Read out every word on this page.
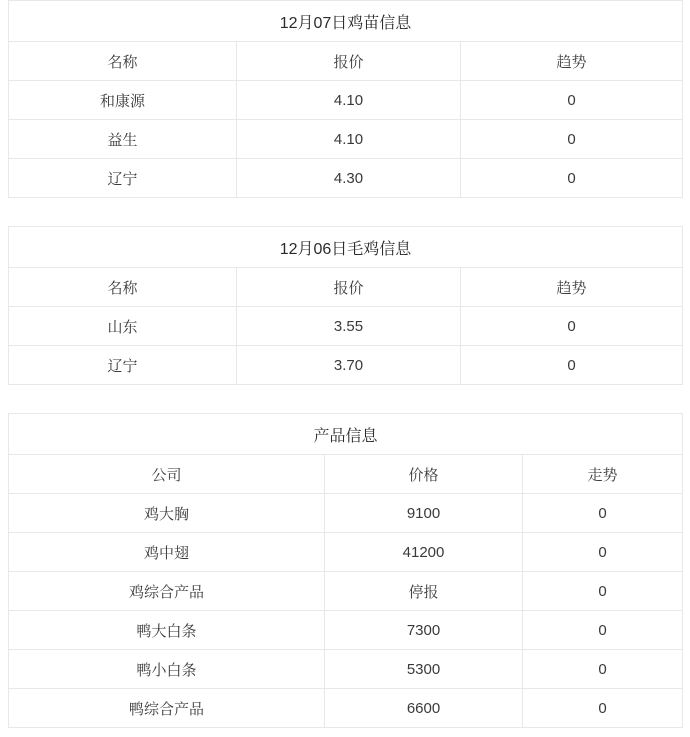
12月07日鸡苗信息		
名称	报价	趋势
和康源	4.10	0
益生	4.10	0
辽宁	4.30	0
12月06日毛鸡信息		
名称	报价	趋势
山东	3.55	0
辽宁	3.70	0
产品信息		
公司	价格	走势
鸡大胸	9100	0
鸡中翅	41200	0
鸡综合产品	停报	0
鸭大白条	7300	0
鸭小白条	5300	0
鸭综合产品	6600	0
